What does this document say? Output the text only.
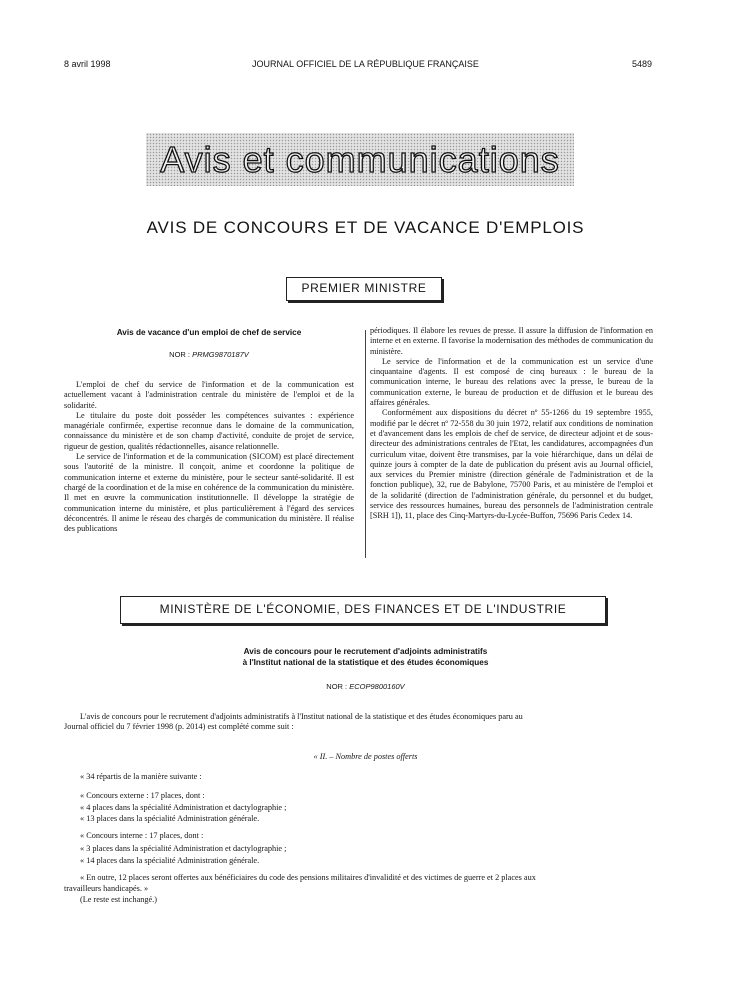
8 avril 1998	JOURNAL OFFICIEL DE LA RÉPUBLIQUE FRANÇAISE	5489
Avis et communications
AVIS DE CONCOURS ET DE VACANCE D'EMPLOIS
PREMIER MINISTRE
Avis de vacance d'un emploi de chef de service
NOR : PRMG9870187V

L'emploi de chef du service de l'information et de la communication est actuellement vacant à l'administration centrale du ministère de l'emploi et de la solidarité.

Le titulaire du poste doit posséder les compétences suivantes : expérience managériale confirmée, expertise reconnue dans le domaine de la communication, connaissance du ministère et de son champ d'activité, conduite de projet de service, rigueur de gestion, qualités rédactionnelles, aisance relationnelle.

Le service de l'information et de la communication (SICOM) est placé directement sous l'autorité de la ministre. Il conçoit, anime et coordonne la politique de communication interne et externe du ministère, pour le secteur santé-solidarité. Il est chargé de la coordination et de la mise en cohérence de la communication du ministère. Il met en œuvre la communication institutionnelle. Il développe la stratégie de communication interne du ministère, et plus particulièrement à l'égard des services déconcentrés. Il anime le réseau des chargés de communication du ministère. Il réalise des publications

périodiques. Il élabore les revues de presse. Il assure la diffusion de l'information en interne et en externe. Il favorise la modernisation des méthodes de communication du ministère.

Le service de l'information et de la communication est un service d'une cinquantaine d'agents. Il est composé de cinq bureaux : le bureau de la communication interne, le bureau des relations avec la presse, le bureau de la communication externe, le bureau de production et de diffusion et le bureau des affaires générales.

Conformément aux dispositions du décret nº 55-1266 du 19 septembre 1955, modifié par le décret nº 72-558 du 30 juin 1972, relatif aux conditions de nomination et d'avancement dans les emplois de chef de service, de directeur adjoint et de sous-directeur des administrations centrales de l'Etat, les candidatures, accompagnées d'un curriculum vitae, doivent être transmises, par la voie hiérarchique, dans un délai de quinze jours à compter de la date de publication du présent avis au Journal officiel, aux services du Premier ministre (direction générale de l'administration et de la fonction publique), 32, rue de Babylone, 75700 Paris, et au ministère de l'emploi et de la solidarité (direction de l'administration générale, du personnel et du budget, service des ressources humaines, bureau des personnels de l'administration centrale [SRH 1]), 11, place des Cinq-Martyrs-du-Lycée-Buffon, 75696 Paris Cedex 14.

MINISTÈRE DE L'ÉCONOMIE, DES FINANCES ET DE L'INDUSTRIE
Avis de concours pour le recrutement d'adjoints administratifs
à l'Institut national de la statistique et des études économiques
NOR : ECOP9800160V
L'avis de concours pour le recrutement d'adjoints administratifs à l'Institut national de la statistique et des études économiques paru au
Journal officiel du 7 février 1998 (p. 2014) est complété comme suit :
« II. – Nombre de postes offerts
« 34 répartis de la manière suivante :
« Concours externe : 17 places, dont :
« 4 places dans la spécialité Administration et dactylographie ;
« 13 places dans la spécialité Administration générale.
« Concours interne : 17 places, dont :
« 3 places dans la spécialité Administration et dactylographie ;
« 14 places dans la spécialité Administration générale.
« En outre, 12 places seront offertes aux bénéficiaires du code des pensions militaires d'invalidité et des victimes de guerre et 2 places aux
travailleurs handicapés. »
(Le reste est inchangé.)
